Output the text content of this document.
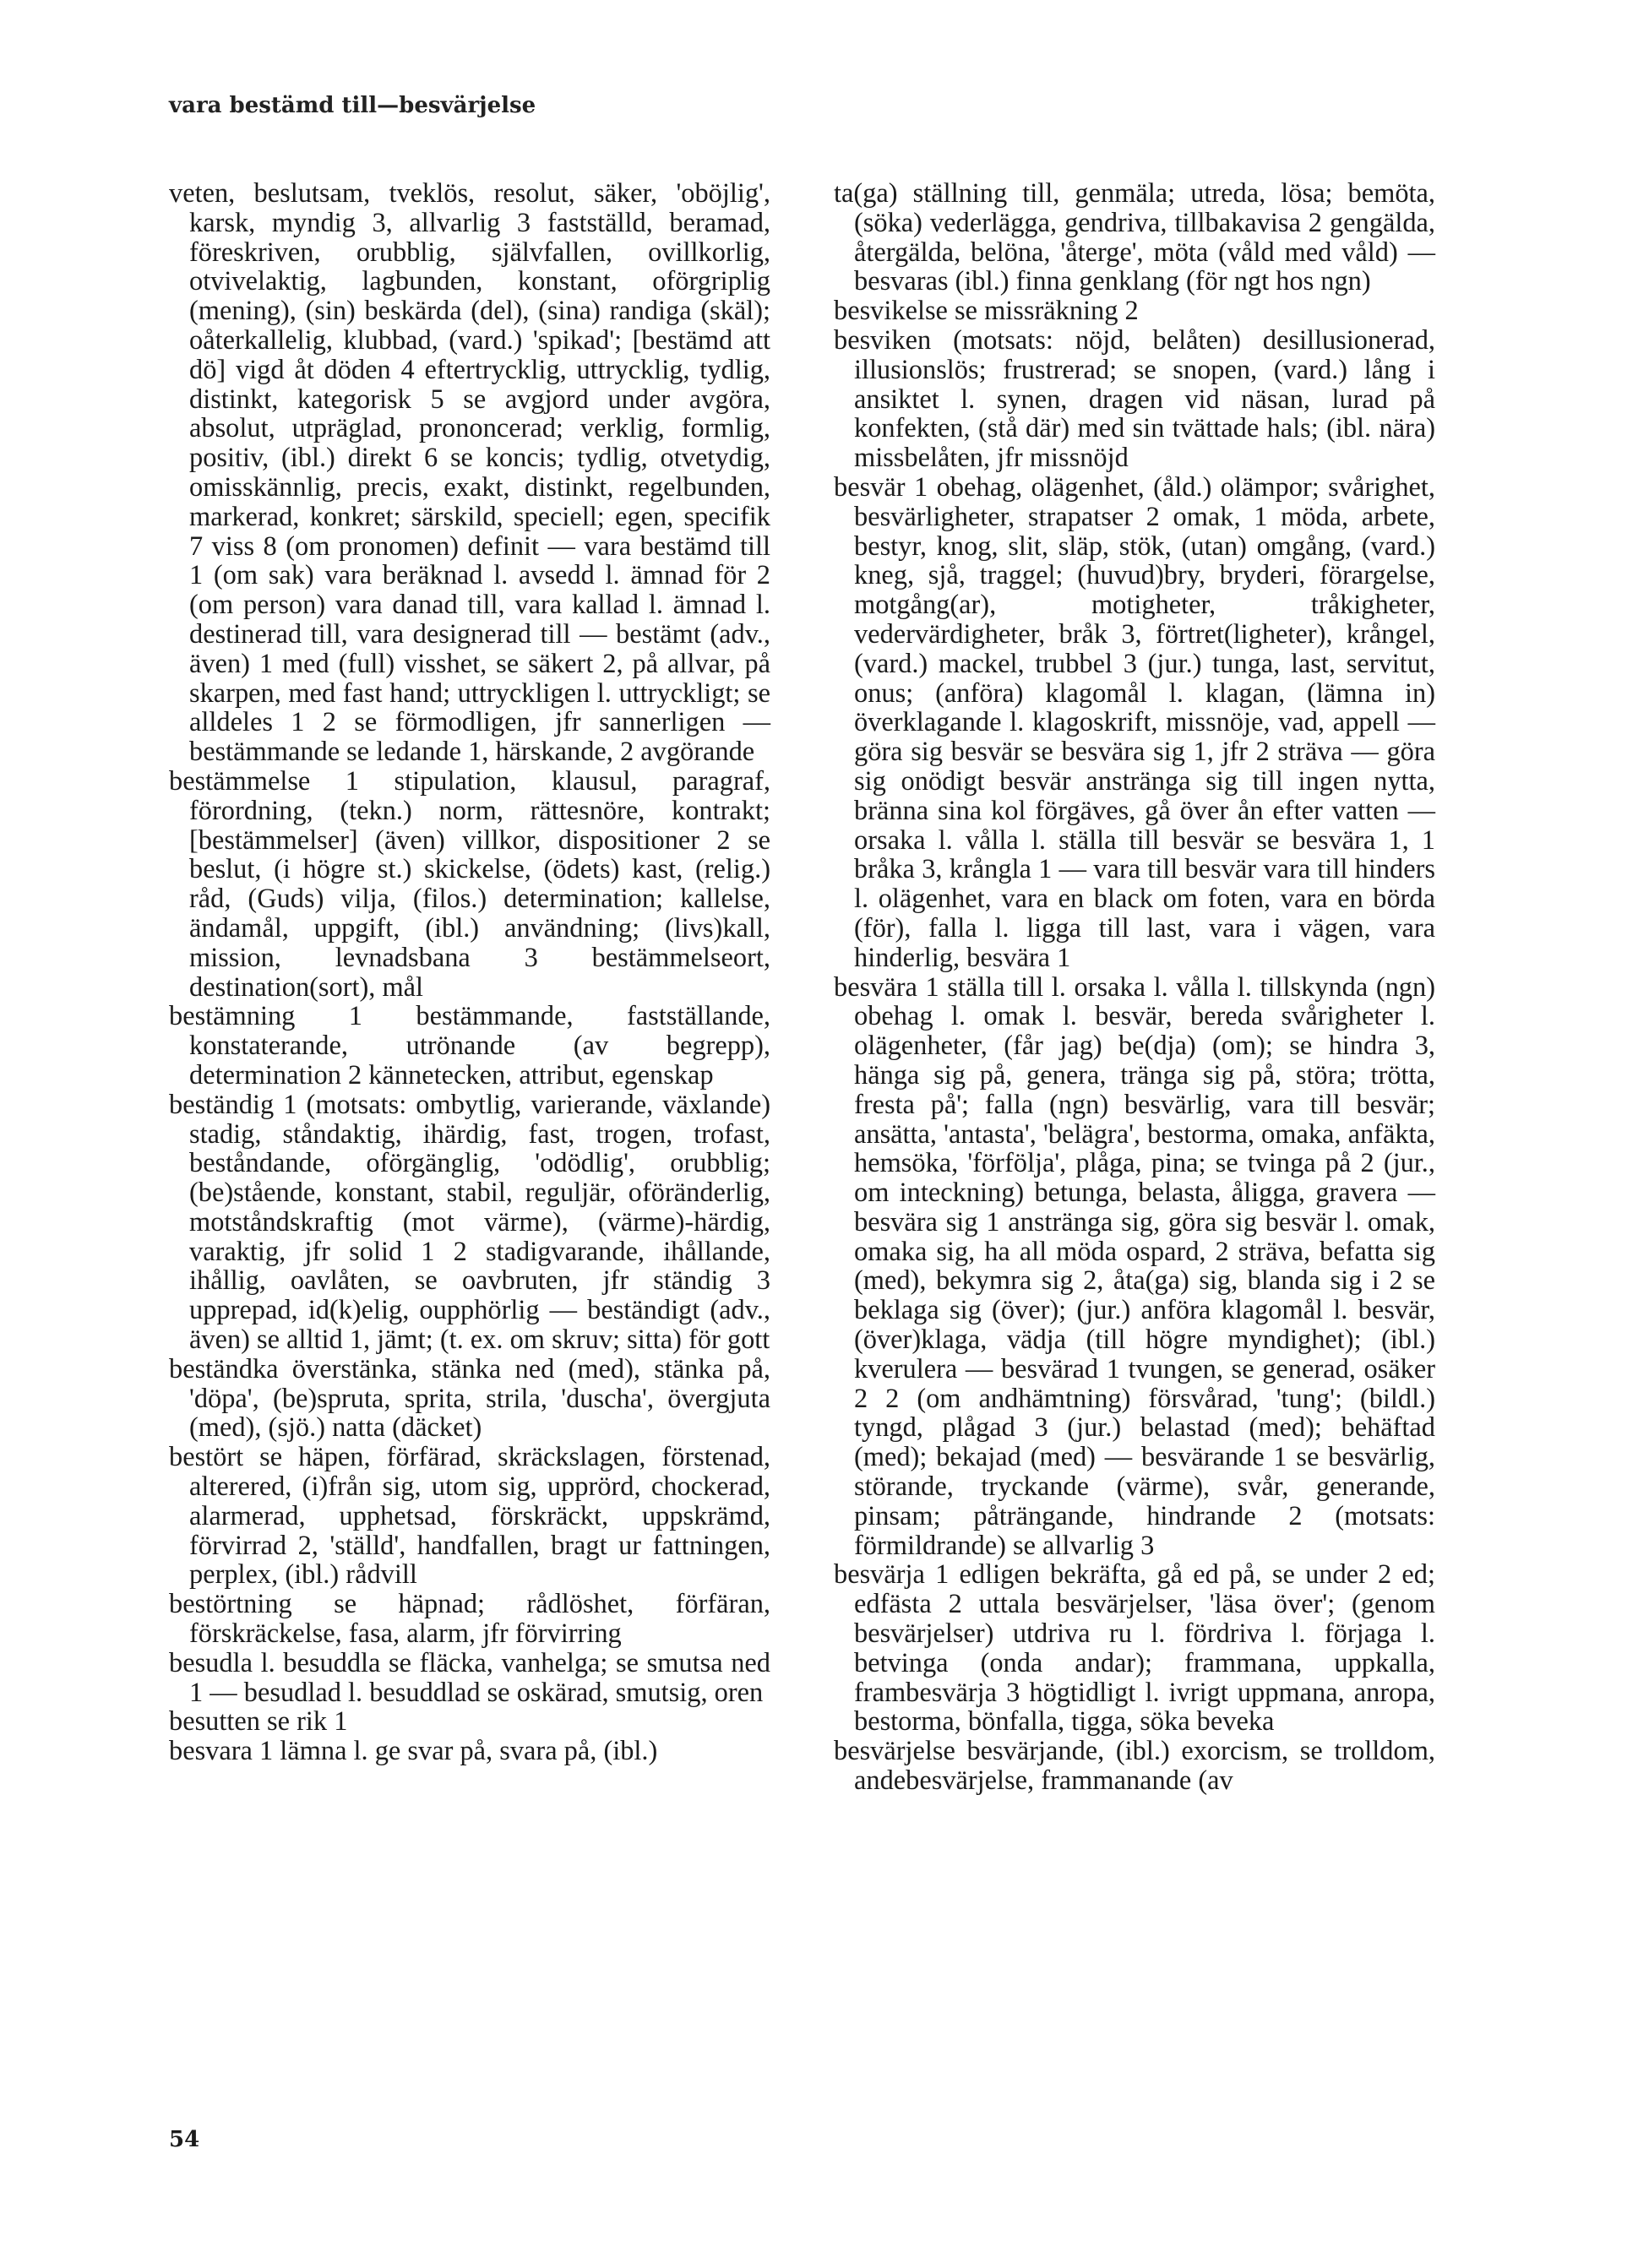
vara bestämd till—besvärjelse

veten, beslutsam, tveklös, resolut, säker, 'oböjlig', karsk, myndig 3, allvarlig 3 fastställd, beramad, föreskriven, orubblig, självfallen, ovillkorlig, otvivelaktig, lagbunden, konstant, oförgriplig (mening), (sin) beskärda (del), (sina) randiga (skäl); oåterkallelig, klubbad, (vard.) 'spikad'; [bestämd att dö] vigd åt döden 4 eftertrycklig, uttrycklig, tydlig, distinkt, kategorisk 5 se avgjord under avgöra, absolut, utpräglad, prononcerad; verklig, formlig, positiv, (ibl.) direkt 6 se koncis; tydlig, otvetydig, omisskännlig, precis, exakt, distinkt, regelbunden, markerad, konkret; särskild, speciell; egen, specifik 7 viss 8 (om pronomen) definit — vara bestämd till 1 (om sak) vara beräknad l. avsedd l. ämnad för 2 (om person) vara danad till, vara kallad l. ämnad l. destinerad till, vara designerad till — bestämt (adv., även) 1 med (full) visshet, se säkert 2, på allvar, på skarpen, med fast hand; uttryckligen l. uttryckligt; se alldeles 1 2 se förmodligen, jfr sannerligen — bestämmande se ledande 1, härskande, 2 avgörande

bestämmelse 1 stipulation, klausul, paragraf, förordning, (tekn.) norm, rättesnöre, kontrakt; [bestämmelser] (även) villkor, dispositioner 2 se beslut, (i högre st.) skickelse, (ödets) kast, (relig.) råd, (Guds) vilja, (filos.) determination; kallelse, ändamål, uppgift, (ibl.) användning; (livs)kall, mission, levnadsbana 3 bestämmelseort, destination(sort), mål

bestämning 1 bestämmande, fastställande, konstaterande, utrönande (av begrepp), determination 2 kännetecken, attribut, egenskap

beständig 1 (motsats: ombytlig, varierande, växlande) stadig, ståndaktig, ihärdig, fast, trogen, trofast, beståndande, oförgänglig, 'odödlig', orubblig; (be)stående, konstant, stabil, reguljär, oföränderlig, motståndskraftig (mot värme), (värme)-härdig, varaktig, jfr solid 1 2 stadigvarande, ihållande, ihållig, oavlåten, se oavbruten, jfr ständig 3 upprepad, id(k)elig, oupphörlig — beständigt (adv., även) se alltid 1, jämt; (t. ex. om skruv; sitta) för gott

beständka överstänka, stänka ned (med), stänka på, 'döpa', (be)spruta, sprita, strila, 'duscha', övergjuta (med), (sjö.) natta (däcket)

bestört se häpen, förfärad, skräckslagen, förstenad, alterered, (i)från sig, utom sig, upprörd, chockerad, alarmerad, upphetsad, förskräckt, uppskrämd, förvirrad 2, 'ställd', handfallen, bragt ur fattningen, perplex, (ibl.) rådvill

bestörtning se häpnad; rådlöshet, förfäran, förskräckelse, fasa, alarm, jfr förvirring

besudla l. besuddla se fläcka, vanhelga; se smutsa ned 1 — besudlad l. besuddlad se oskärad, smutsig, oren

besutten se rik 1

besvara 1 lämna l. ge svar på, svara på, (ibl.)

ta(ga) ställning till, genmäla; utreda, lösa; bemöta, (söka) vederlägga, gendriva, tillbakavisa 2 gengälda, återgälda, belöna, 'återge', möta (våld med våld) — besvaras (ibl.) finna genklang (för ngt hos ngn)

besvikelse se missräkning 2

besviken (motsats: nöjd, belåten) desillusionerad, illusionslös; frustrerad; se snopen, (vard.) lång i ansiktet l. synen, dragen vid näsan, lurad på konfekten, (stå där) med sin tvättade hals; (ibl. nära) missbelåten, jfr missnöjd

besvär 1 obehag, olägenhet, (åld.) olämpor; svårighet, besvärligheter, strapatser 2 omak, 1 möda, arbete, bestyr, knog, slit, släp, stök, (utan) omgång, (vard.) kneg, sjå, traggel; (huvud)bry, bryderi, förargelse, motgång(ar), motigheter, tråkigheter, vedervärdigheter, bråk 3, förtret(ligheter), krångel, (vard.) mackel, trubbel 3 (jur.) tunga, last, servitut, onus; (anföra) klagomål l. klagan, (lämna in) överklagande l. klagoskrift, missnöje, vad, appell — göra sig besvär se besvära sig 1, jfr 2 sträva — göra sig onödigt besvär anstränga sig till ingen nytta, bränna sina kol förgäves, gå över ån efter vatten — orsaka l. vålla l. ställa till besvär se besvära 1, 1 bråka 3, krångla 1 — vara till besvär vara till hinders l. olägenhet, vara en black om foten, vara en börda (för), falla l. ligga till last, vara i vägen, vara hinderlig, besvära 1

besvära 1 ställa till l. orsaka l. vålla l. tillskynda (ngn) obehag l. omak l. besvär, bereda svårigheter l. olägenheter, (får jag) be(dja) (om); se hindra 3, hänga sig på, genera, tränga sig på, störa; trötta, fresta på'; falla (ngn) besvärlig, vara till besvär; ansätta, 'antasta', 'belägra', bestorma, omaka, anfäkta, hemsöka, 'förfölja', plåga, pina; se tvinga på 2 (jur., om inteckning) betunga, belasta, åligga, gravera — besvära sig 1 anstränga sig, göra sig besvär l. omak, omaka sig, ha all möda ospard, 2 sträva, befatta sig (med), bekymra sig 2, åta(ga) sig, blanda sig i 2 se beklaga sig (över); (jur.) anföra klagomål l. besvär, (över)klaga, vädja (till högre myndighet); (ibl.) kverulera — besvärad 1 tvungen, se generad, osäker 2 2 (om andhämtning) försvårad, 'tung'; (bildl.) tyngd, plågad 3 (jur.) belastad (med); behäftad (med); bekajad (med) — besvärande 1 se besvärlig, störande, tryckande (värme), svår, generande, pinsam; påträngande, hindrande 2 (motsats: förmildrande) se allvarlig 3

besvärja 1 edligen bekräfta, gå ed på, se under 2 ed; edfästa 2 uttala besvärjelser, 'läsa över'; (genom besvärjelser) utdriva ru l. fördriva l. förjaga l. betvinga (onda andar); frammana, uppkalla, frambesvärja 3 högtidligt l. ivrigt uppmana, anropa, bestorma, bönfalla, tigga, söka beveka

besvärjelse besvärjande, (ibl.) exorcism, se trolldom, andebesvärjelse, frammanande (av

54
